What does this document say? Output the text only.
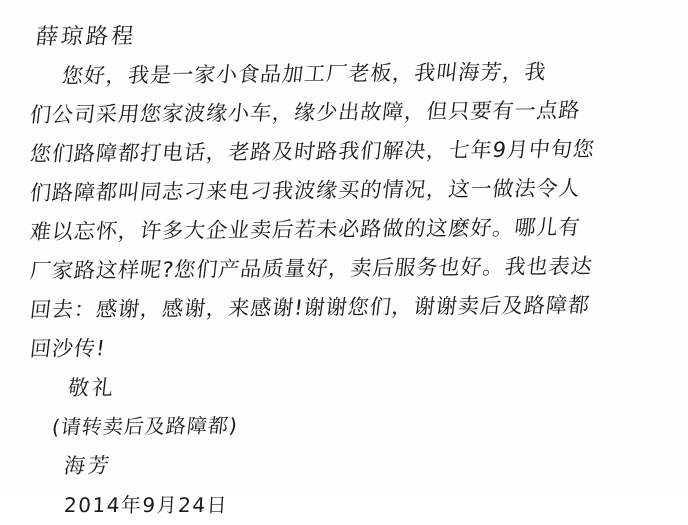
薛琼路程
您好，我是一家小食品加工厂老板，我叫海芳，我
们公司采用您家波缘小车，缘少出故障，但只要有一点路
您们路障都打电话，老路及时路我们解决，七年9月中旬您
们路障都叫同志刁来电刁我波缘买的情况，这一做法令人
难以忘怀，许多大企业卖后若未必路做的这麽好。哪儿有
厂家路这样呢?您们产品质量好，卖后服务也好。我也表达
回去：感谢，感谢，来感谢!谢谢您们，谢谢卖后及路障都
回沙传!
敬礼
(请转卖后及路障都)
海芳
2014年9月24日
